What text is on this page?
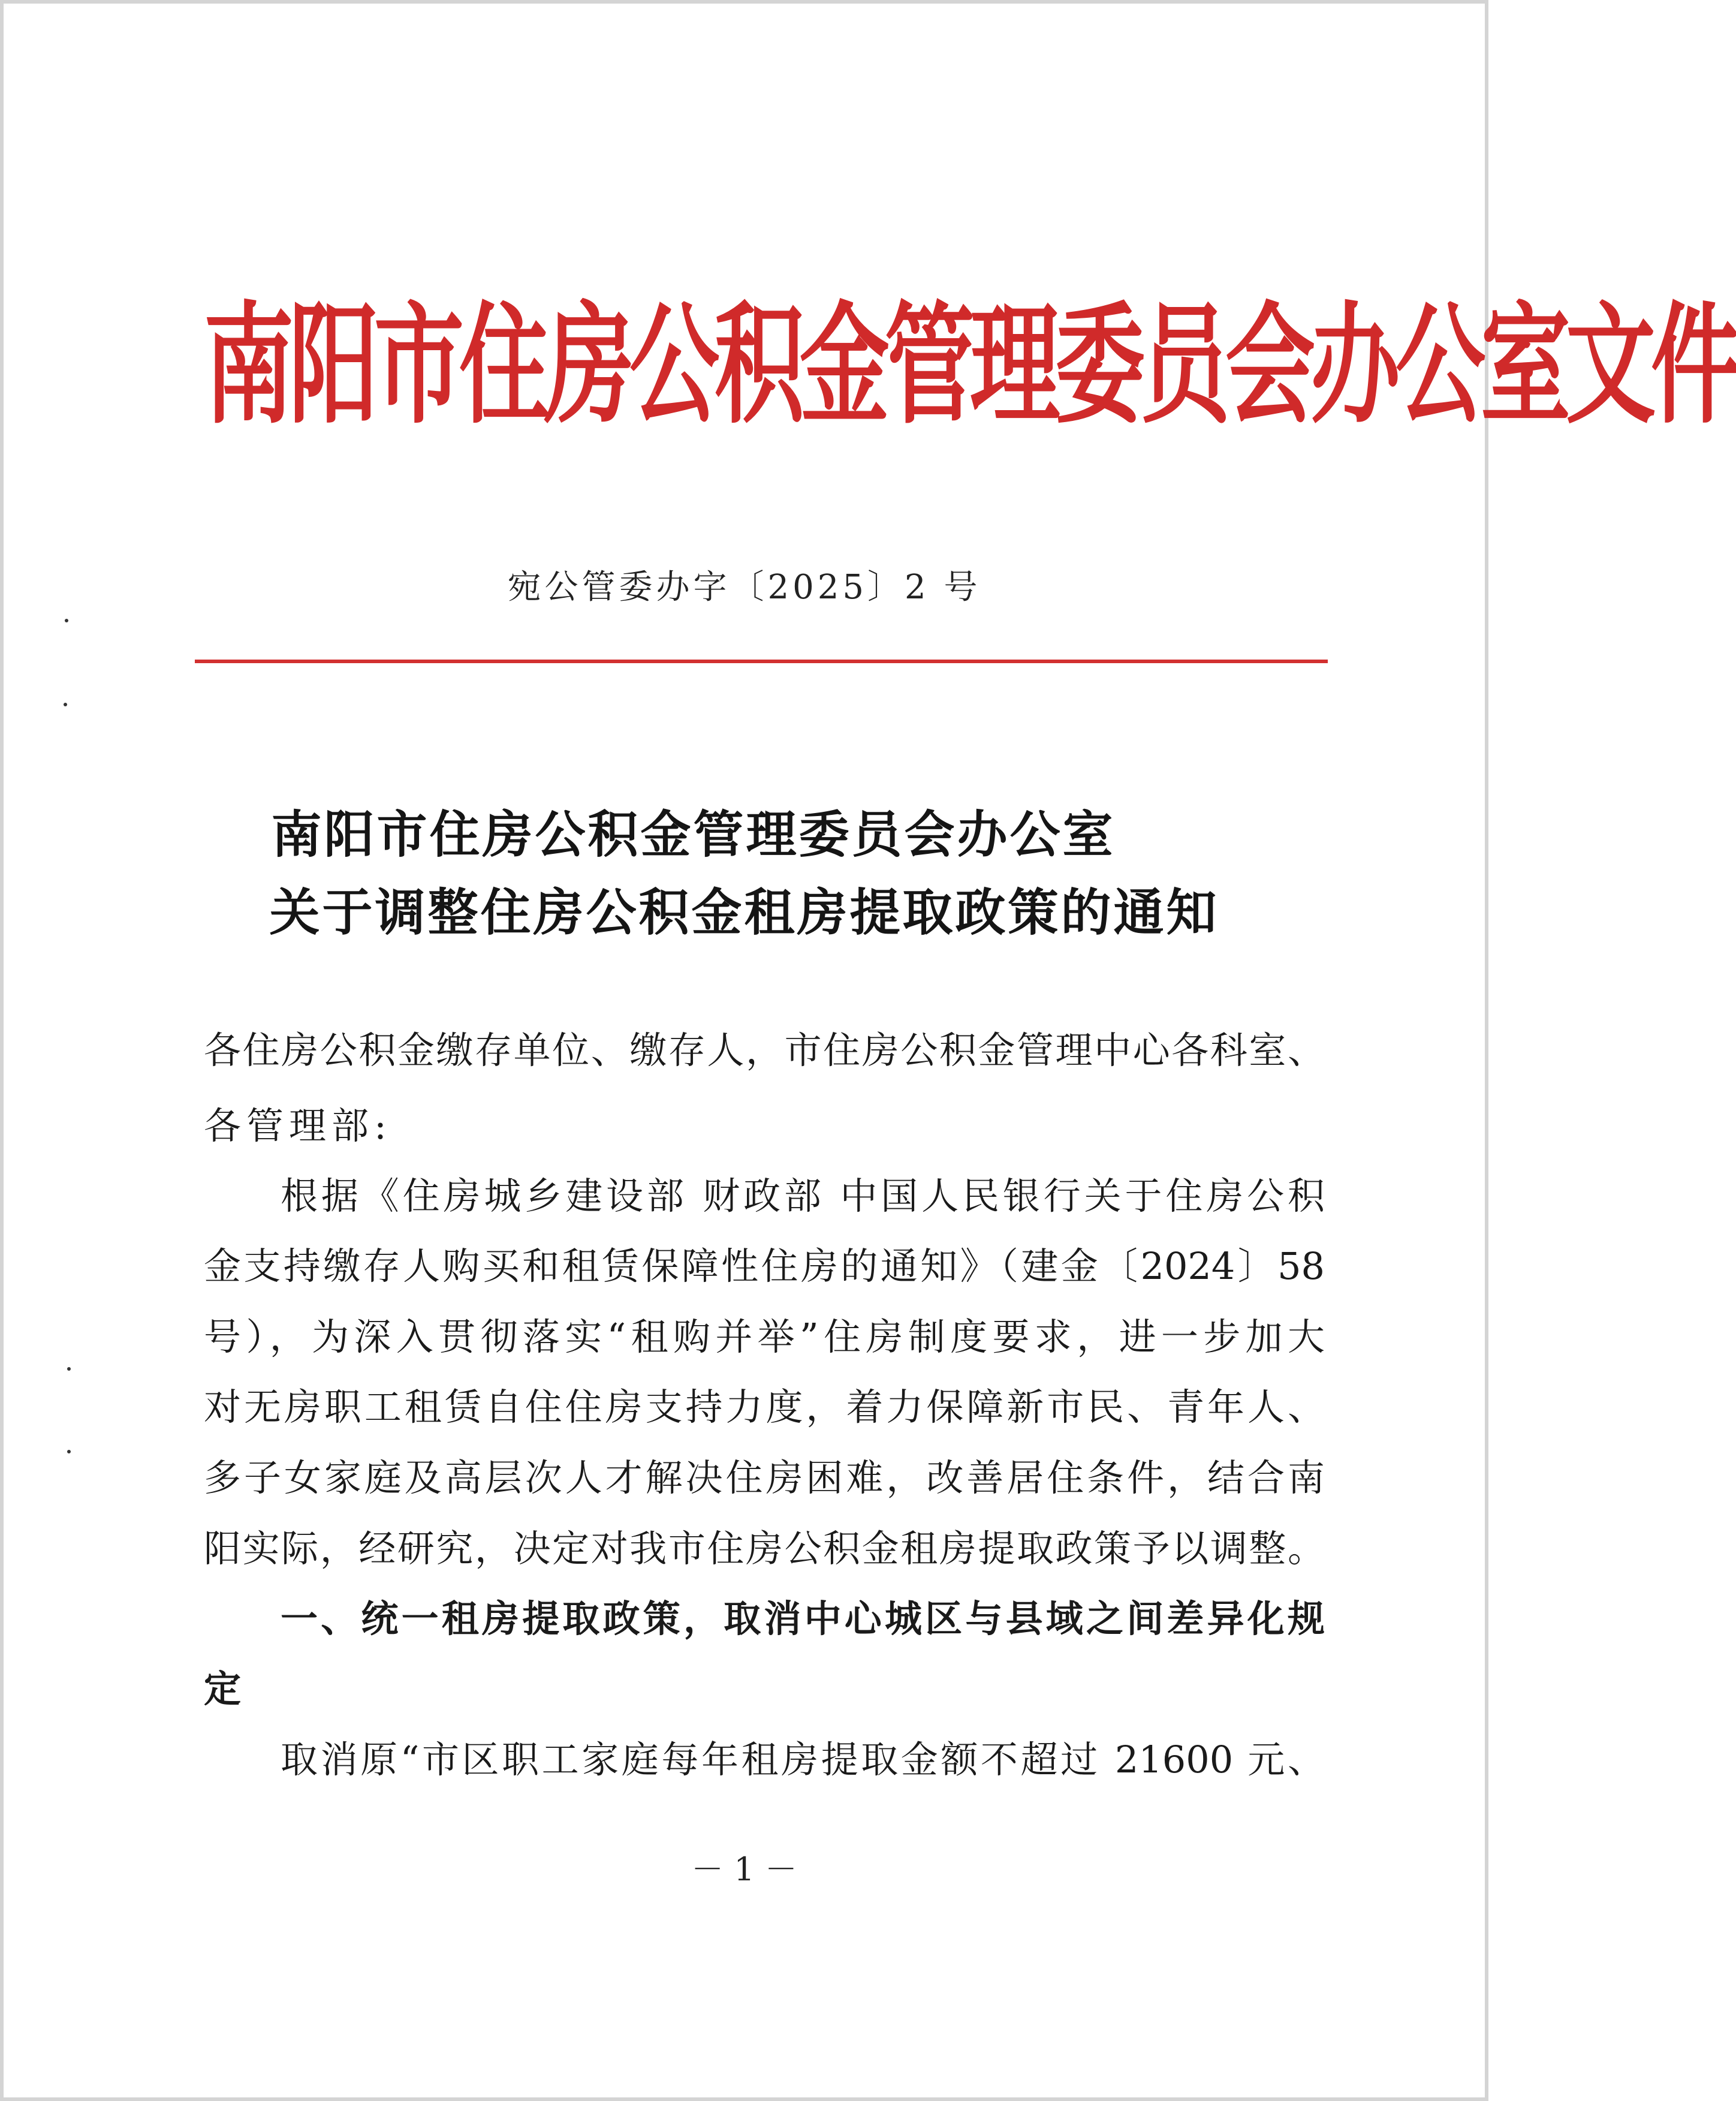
南阳市住房公积金管理委员会办公室文件
宛公管委办字〔2025〕2 号
南阳市住房公积金管理委员会办公室
关于调整住房公积金租房提取政策的通知
各住房公积金缴存单位、缴存人，市住房公积金管理中心各科室、
各管理部:
根据《住房城乡建设部 财政部 中国人民银行关于住房公积
金支持缴存人购买和租赁保障性住房的通知》（建金〔2024〕58
号），为深入贯彻落实“租购并举”住房制度要求，进一步加大
对无房职工租赁自住住房支持力度，着力保障新市民、青年人、
多子女家庭及高层次人才解决住房困难，改善居住条件，结合南
阳实际，经研究，决定对我市住房公积金租房提取政策予以调整。
一、统一租房提取政策，取消中心城区与县域之间差异化规
定
取消原“市区职工家庭每年租房提取金额不超过 21600 元、
－ 1 －
